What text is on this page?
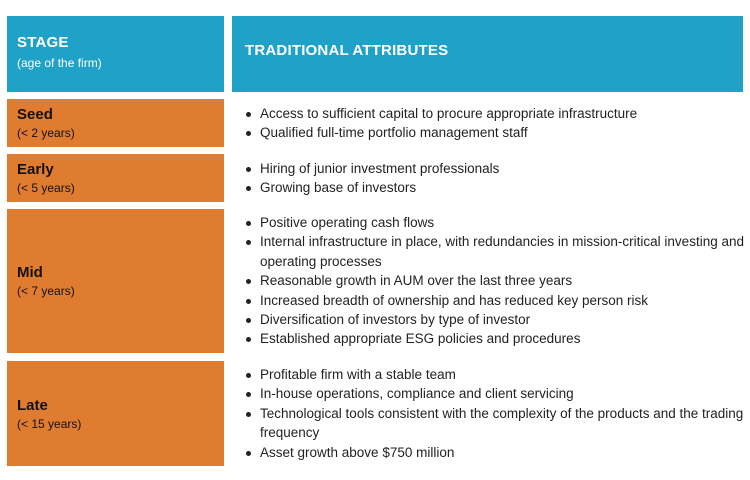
STAGE
(age of the firm)
TRADITIONAL ATTRIBUTES
Seed
(< 2 years)
Access to sufficient capital to procure appropriate infrastructure
Qualified full-time portfolio management staff
Early
(< 5 years)
Hiring of junior investment professionals
Growing base of investors
Mid
(< 7 years)
Positive operating cash flows
Internal infrastructure in place, with redundancies in mission-critical investing and operating processes
Reasonable growth in AUM over the last three years
Increased breadth of ownership and has reduced key person risk
Diversification of investors by type of investor
Established appropriate ESG policies and procedures
Late
(< 15 years)
Profitable firm with a stable team
In-house operations, compliance and client servicing
Technological tools consistent with the complexity of the products and the trading frequency
Asset growth above $750 million
